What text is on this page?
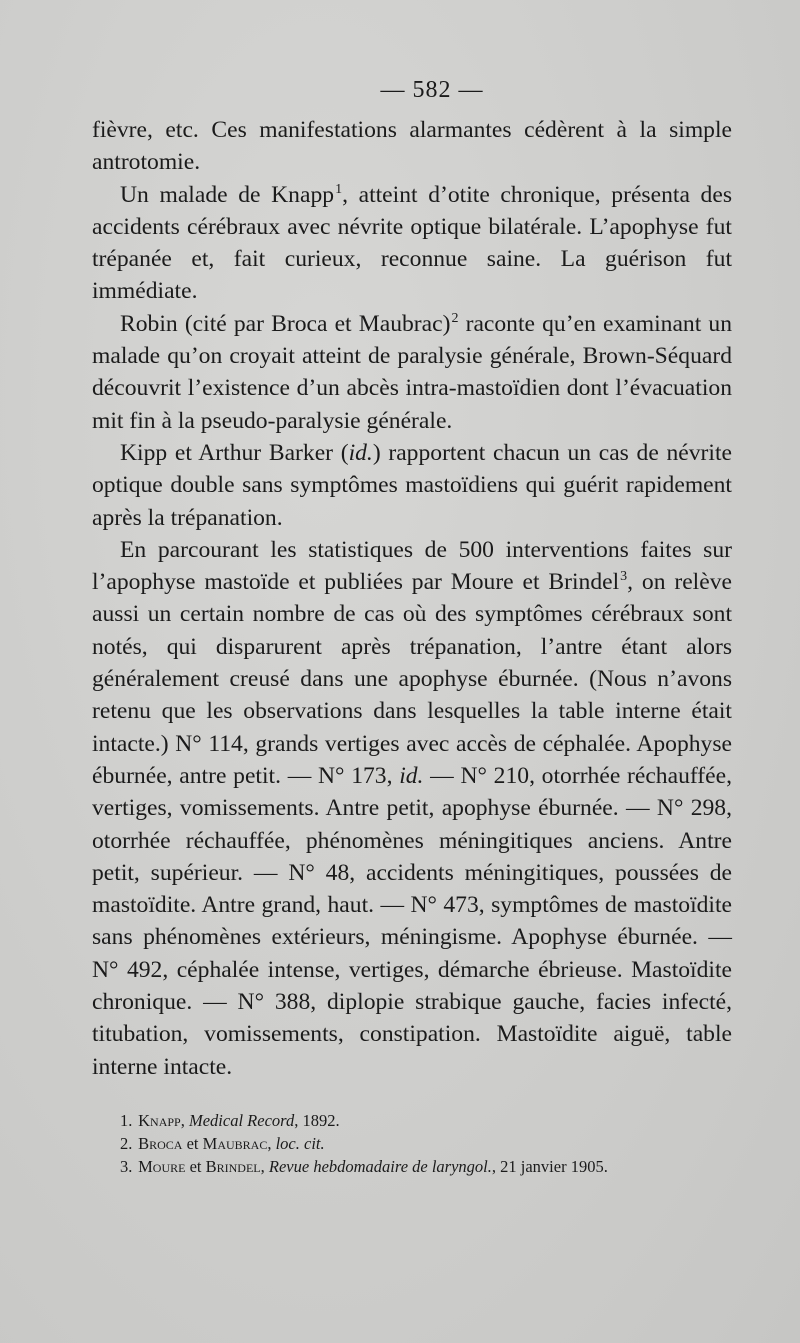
— 582 —

fièvre, etc. Ces manifestations alarmantes cédèrent à la simple antrotomie.

Un malade de Knapp$^1$, atteint d’otite chronique, présenta des accidents cérébraux avec névrite optique bilatérale. L’apophyse fut trépanée et, fait curieux, reconnue saine. La guérison fut immédiate.

Robin (cité par Broca et Maubrac)$^2$ raconte qu’en examinant un malade qu’on croyait atteint de paralysie générale, Brown-Séquard découvrit l’existence d’un abcès intra-mastoïdien dont l’évacuation mit fin à la pseudo-paralysie générale.

Kipp et Arthur Barker (id.) rapportent chacun un cas de névrite optique double sans symptômes mastoïdiens qui guérit rapidement après la trépanation.

En parcourant les statistiques de 500 interventions faites sur l’apophyse mastoïde et publiées par Moure et Brindel$^3$, on relève aussi un certain nombre de cas où des symptômes cérébraux sont notés, qui disparurent après trépanation, l’antre étant alors généralement creusé dans une apophyse éburnée. (Nous n’avons retenu que les observations dans lesquelles la table interne était intacte.) N° 114, grands vertiges avec accès de céphalée. Apophyse éburnée, antre petit. — N° 173, id. — N° 210, otorrhée réchauffée, vertiges, vomissements. Antre petit, apophyse éburnée. — N° 298, otorrhée réchauffée, phénomènes méningitiques anciens. Antre petit, supérieur. — N° 48, accidents méningitiques, poussées de mastoïdite. Antre grand, haut. — N° 473, symptômes de mastoïdite sans phénomènes extérieurs, méningisme. Apophyse éburnée. — N° 492, céphalée intense, vertiges, démarche ébrieuse. Mastoïdite chronique. — N° 388, diplopie strabique gauche, facies infecté, titubation, vomissements, constipation. Mastoïdite aiguë, table interne intacte.

1. Knapp, Medical Record, 1892.

2. Broca et Maubrac, loc. cit.

3. Moure et Brindel, Revue hebdomadaire de laryngol., 21 janvier 1905.
